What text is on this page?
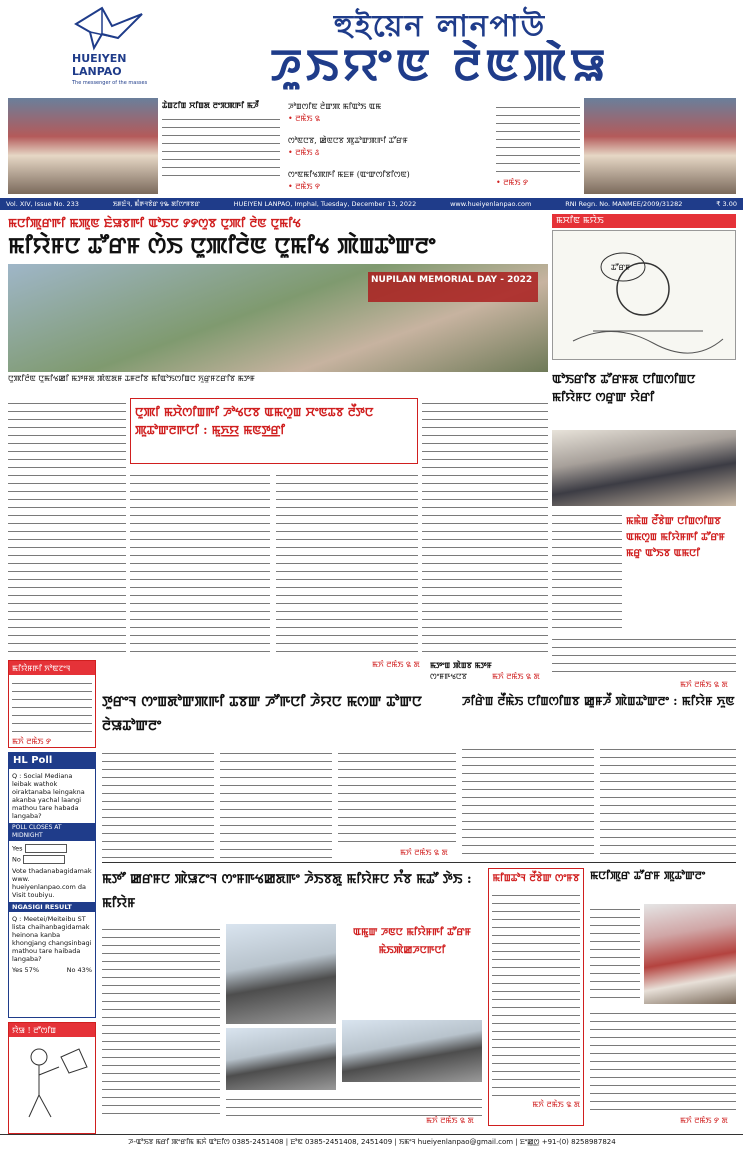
HUEIYEN LANPAO
The messenger of the masses
হুইয়েন লানপাউ
ꯍꯨꯏꯌꯦꯟ ꯂꯥꯟꯄꯥꯎ
ꯊꯥꯡꯖꯤꯡ ꯆꯤꯡꯗ ꯂꯦꯞꯄꯒꯤ ꯃꯍꯩ	ꯍꯣꯡꯁꯤꯟ ꯂꯥꯛꯄ ꯃꯤꯑꯣꯏ ꯑꯃ
• ꯂꯃꯥꯏ ꯲
ꯁꯣꯟꯅꯕ, ꯀꯥꯟꯅꯕ ꯄꯨꯊꯣꯛꯄꯒꯤ ꯊꯧꯔꯝ
• ꯂꯃꯥꯏ ꯴
ꯁꯦꯟꯃꯤꯠꯄꯒꯤ ꯃꯐꯝ (ꯑꯦꯛꯁꯤꯕꯤꯁꯟ)
• ꯂꯃꯥꯏ ꯵	• ꯂꯃꯥꯏ ꯸
Vol. XIV, Issue No. 233	ꯏꯝꯐꯥꯜ, ꯃꯪꯒꯜꯕꯥꯔ ꯱꯳ ꯗꯤꯁꯦꯝꯕꯔ	HUEIYEN LANPAO, Imphal, Tuesday, December 13, 2022	www.hueiyenlanpao.com	RNI Regn. No. MANMEE/2009/31282	₹ 3.00
ꯃꯅꯤꯄꯨꯔꯒꯤ ꯃꯄꯨꯟ ꯐꯥꯎꯕꯒꯤ ꯑꯣꯏꯅ ꯸꯸ꯁꯨꯕ ꯅꯨꯄꯤ ꯂꯥꯟ ꯅꯨꯃꯤꯠ
ꯃꯤꯌꯥꯝꯅ ꯊꯧꯔꯝ ꯁꯥꯏ ꯅꯨꯄꯤꯂꯥꯟ ꯅꯨꯃꯤꯠ ꯄꯥꯡꯊꯣꯛꯂꯦ
NUPILAN MEMORIAL DAY - 2022
ꯅꯨꯄꯤꯂꯥꯟ ꯅꯨꯃꯤꯠꯀꯤ ꯃꯇꯝꯗ ꯄꯥꯟꯗꯝ ꯊꯝꯂꯤꯕ ꯃꯤꯑꯣꯏꯁꯤꯡꯅ ꯈꯨꯔꯨꯝꯖꯔꯤꯕ ꯃꯇꯝ
ꯅꯨꯄꯤ ꯃꯆꯥꯁꯤꯡꯒꯤ ꯍꯣꯠꯅꯕ ꯑꯃꯁꯨꯡ ꯆꯦꯟꯊꯕ ꯂꯩꯇꯅ ꯄꯨꯊꯣꯛꯂꯒꯅꯤ : ꯃꯨꯈ꯭ꯌ ꯃꯟꯇ꯭ꯔꯤ
ꯃꯆꯤꯟ ꯃꯌꯥꯏ
ꯊꯧꯔꯝ
ꯑꯣꯏꯔꯤꯕ ꯊꯧꯔꯝꯗ ꯅꯤꯡꯁꯤꯡꯅ ꯃꯤꯌꯥꯝꯅ ꯁꯔꯨꯛ ꯌꯥꯔꯤ
ꯃꯃꯥꯡ ꯂꯩꯕꯥꯛ ꯅꯤꯡꯁꯤꯡꯕ ꯑꯃꯁꯨꯡ ꯃꯤꯌꯥꯝꯒꯤ ꯊꯧꯔꯝ ꯃꯔꯨ ꯑꯣꯏꯕ ꯑꯃꯅꯤ
ꯃꯈꯥ ꯂꯃꯥꯏ ꯲ ꯗ
ꯃꯤꯌꯥꯝꯒꯤ ꯈꯣꯟꯖꯦꯜ
ꯃꯈꯥ ꯂꯃꯥꯏ ꯸
HL Poll
Q : Social Mediana leibak wathok oiraktanaba leingakna akanba yachal laangi mathou tare habada langaba?
POLL CLOSES AT MIDNIGHT
Yes
No
Vote thadanabagidamak www. hueiyenlanpao.com da Visit toubiyu.
NGASIGI RESULT
Q : Meetei/Meiteibu ST lista chaihanbagidamak heinona kanba khongjang changsinbagi mathou tare haibada langaba?
Yes 57%	No 43%
ꯌꯥꯎ ! ꯂꯧꯁꯤꯡ
ꯇꯨꯔꯦꯜ ꯁꯦꯡꯗꯣꯛꯄꯒꯤ ꯊꯕꯛ ꯍꯧꯒꯅꯤ ꯍꯥꯌꯅ ꯃꯁꯛ ꯊꯣꯛꯅ ꯂꯥꯎꯊꯣꯛꯂꯦ
ꯃꯈꯥ ꯂꯃꯥꯏ ꯲ ꯗ
ꯍꯤꯔꯥꯡ ꯂꯩꯃꯥꯏ ꯅꯤꯡꯁꯤꯡꯕ ꯀꯨꯝꯍꯩ ꯄꯥꯡꯊꯣꯛꯂꯦ : ꯃꯤꯌꯥꯝ ꯈꯨꯟ
ꯃꯇꯧ ꯀꯔꯝꯅ ꯄꯥꯎꯖꯦꯜ ꯁꯦꯝꯒꯠꯀꯗꯒꯦ ꯍꯥꯏꯕꯗꯨ ꯃꯤꯌꯥꯝꯅ ꯈꯪꯕ ꯃꯊꯧ ꯇꯥꯏ : ꯃꯤꯌꯥꯝ
ꯑꯃꯨꯛ ꯍꯟꯅ ꯃꯤꯌꯥꯝꯒꯤ ꯊꯧꯔꯝ ꯃꯥꯏꯄꯥꯀꯍꯅꯒꯅꯤ
ꯃꯈꯥ ꯂꯃꯥꯏ ꯲ ꯗ
ꯃꯤꯡꯊꯣꯜ ꯂꯩꯕꯥꯛ ꯁꯦꯝꯕ
ꯃꯈꯥ ꯂꯃꯥꯏ ꯲ ꯗ
ꯃꯅꯤꯄꯨꯔ ꯊꯧꯔꯝ ꯄꯨꯊꯣꯛꯂꯦ
ꯃꯈꯥ ꯂꯃꯥꯏ ꯸ ꯗ
ꯃꯇꯦꯡ ꯄꯥꯡꯕ ꯃꯇꯝ
ꯁꯦꯝꯒꯠꯅꯕ	ꯃꯈꯥ ꯂꯃꯥꯏ ꯲ ꯗ
ꯃꯈꯥ ꯂꯃꯥꯏ ꯲ ꯗ
ꯍ-ꯑꯣꯏꯕ ꯃꯔꯤ ꯄꯦꯔꯤꯃ ꯃꯈꯥ ꯑꯣꯐꯤꯁ 0385-2451408 | ꯐꯣꯟ 0385-2451408, 2451409 | ꯏꯃꯦꯜ hueiyenlanpao@gmail.com | ꯐꯦꯀ꯭ꯁ +91-(0) 8258987824
